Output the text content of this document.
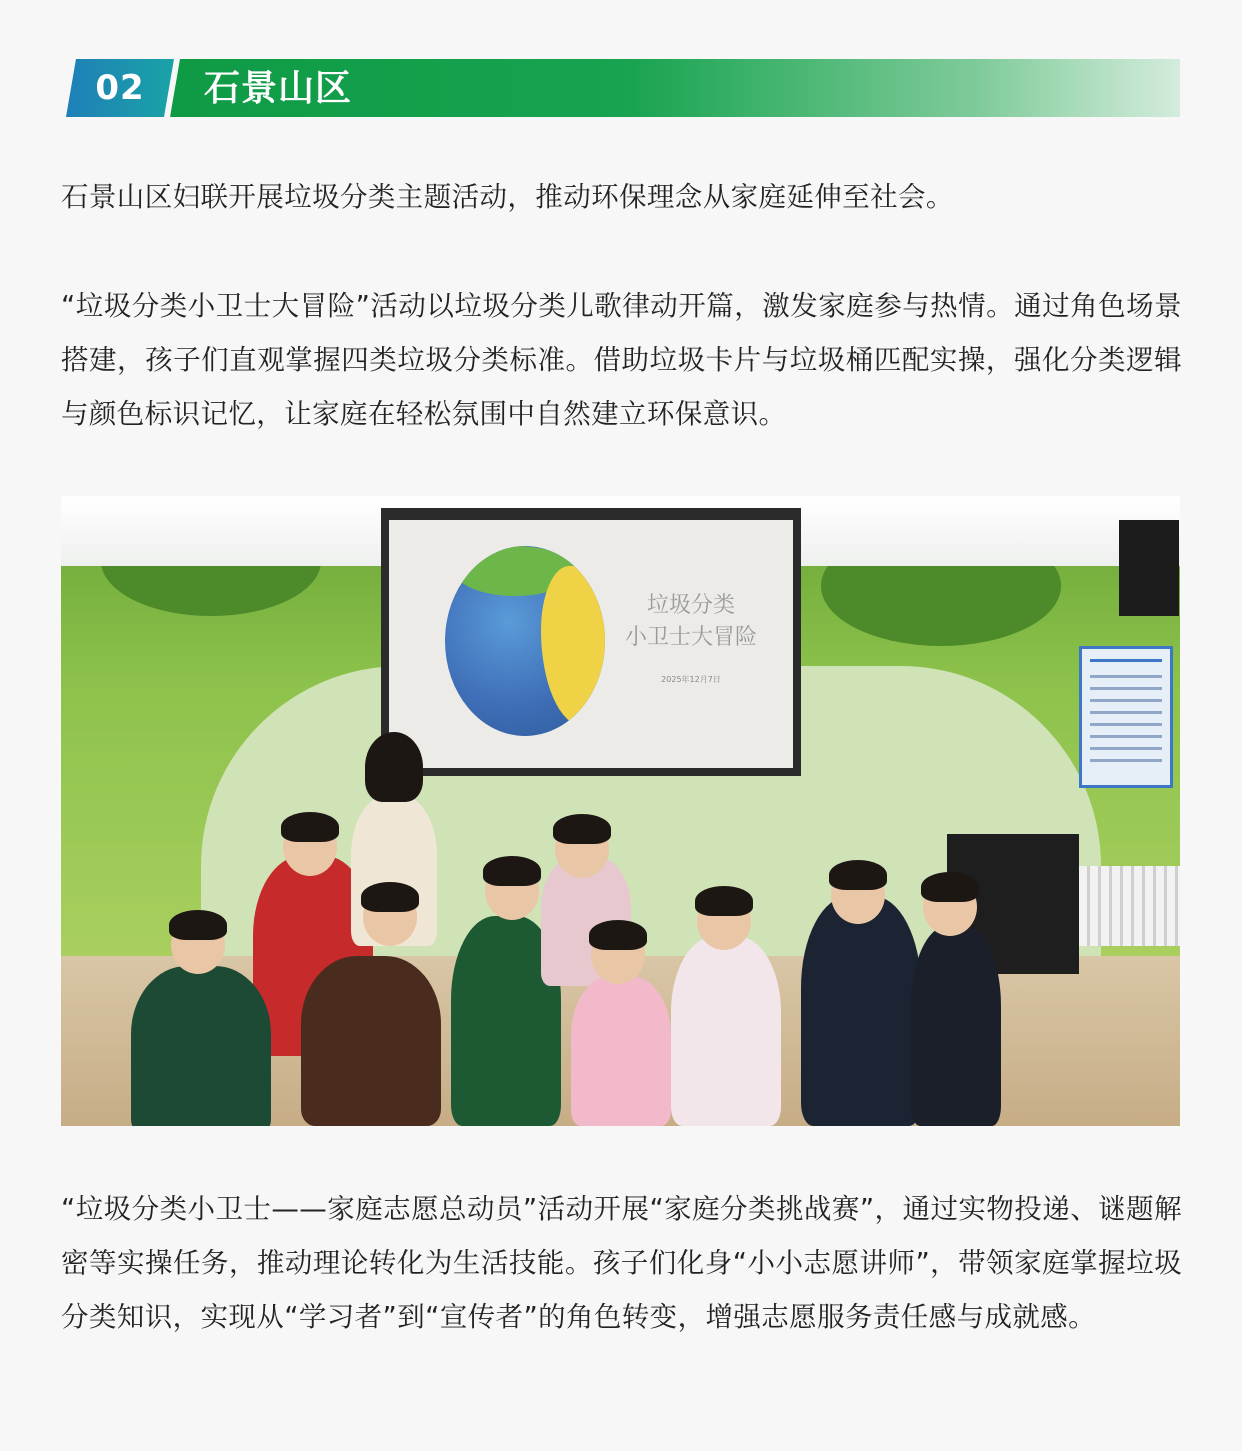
02	石景山区

石景山区妇联开展垃圾分类主题活动，推动环保理念从家庭延伸至社会。

“垃圾分类小卫士大冒险”活动以垃圾分类儿歌律动开篇，激发家庭参与热情。通过角色场景搭建，孩子们直观掌握四类垃圾分类标准。借助垃圾卡片与垃圾桶匹配实操，强化分类逻辑与颜色标识记忆，让家庭在轻松氛围中自然建立环保意识。

垃圾分类
小卫士大冒险
2025年12月7日

“垃圾分类小卫士——家庭志愿总动员”活动开展“家庭分类挑战赛”，通过实物投递、谜题解密等实操任务，推动理论转化为生活技能。孩子们化身“小小志愿讲师”，带领家庭掌握垃圾分类知识，实现从“学习者”到“宣传者”的角色转变，增强志愿服务责任感与成就感。
